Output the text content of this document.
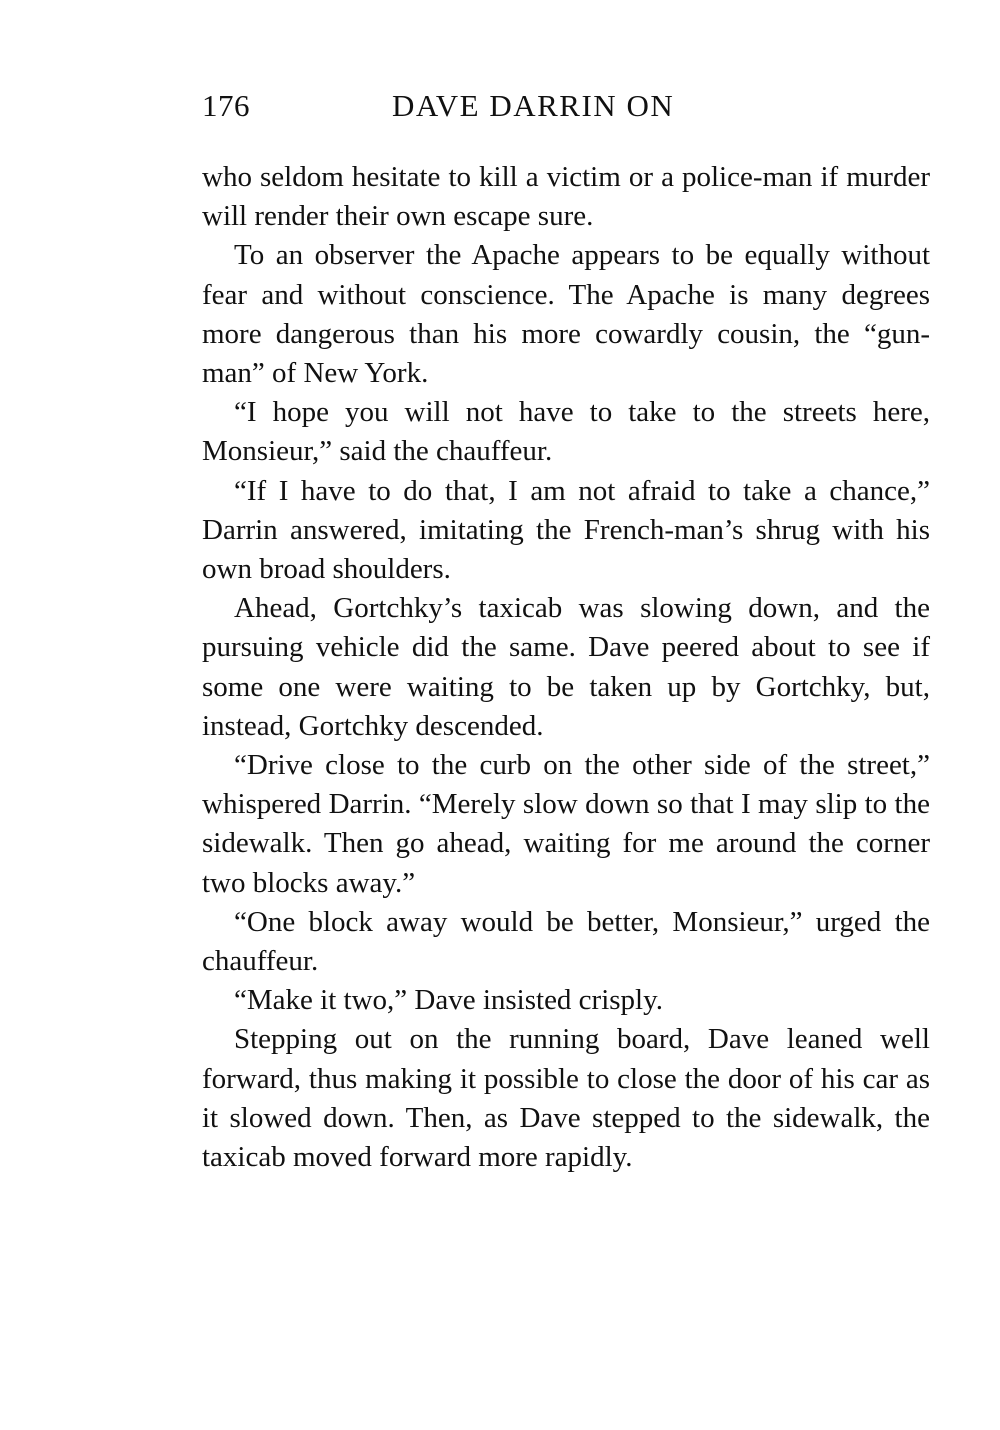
176	DAVE DARRIN ON

who seldom hesitate to kill a victim or a police-man if murder will render their own escape sure.

To an observer the Apache appears to be equally without fear and without conscience. The Apache is many degrees more dangerous than his more cowardly cousin, the “gun-man” of New York.

“I hope you will not have to take to the streets here, Monsieur,” said the chauffeur.

“If I have to do that, I am not afraid to take a chance,” Darrin answered, imitating the French-man’s shrug with his own broad shoulders.

Ahead, Gortchky’s taxicab was slowing down, and the pursuing vehicle did the same. Dave peered about to see if some one were waiting to be taken up by Gortchky, but, instead, Gortchky descended.

“Drive close to the curb on the other side of the street,” whispered Darrin. “Merely slow down so that I may slip to the sidewalk. Then go ahead, waiting for me around the corner two blocks away.”

“One block away would be better, Monsieur,” urged the chauffeur.

“Make it two,” Dave insisted crisply.

Stepping out on the running board, Dave leaned well forward, thus making it possible to close the door of his car as it slowed down. Then, as Dave stepped to the sidewalk, the taxicab moved forward more rapidly.
